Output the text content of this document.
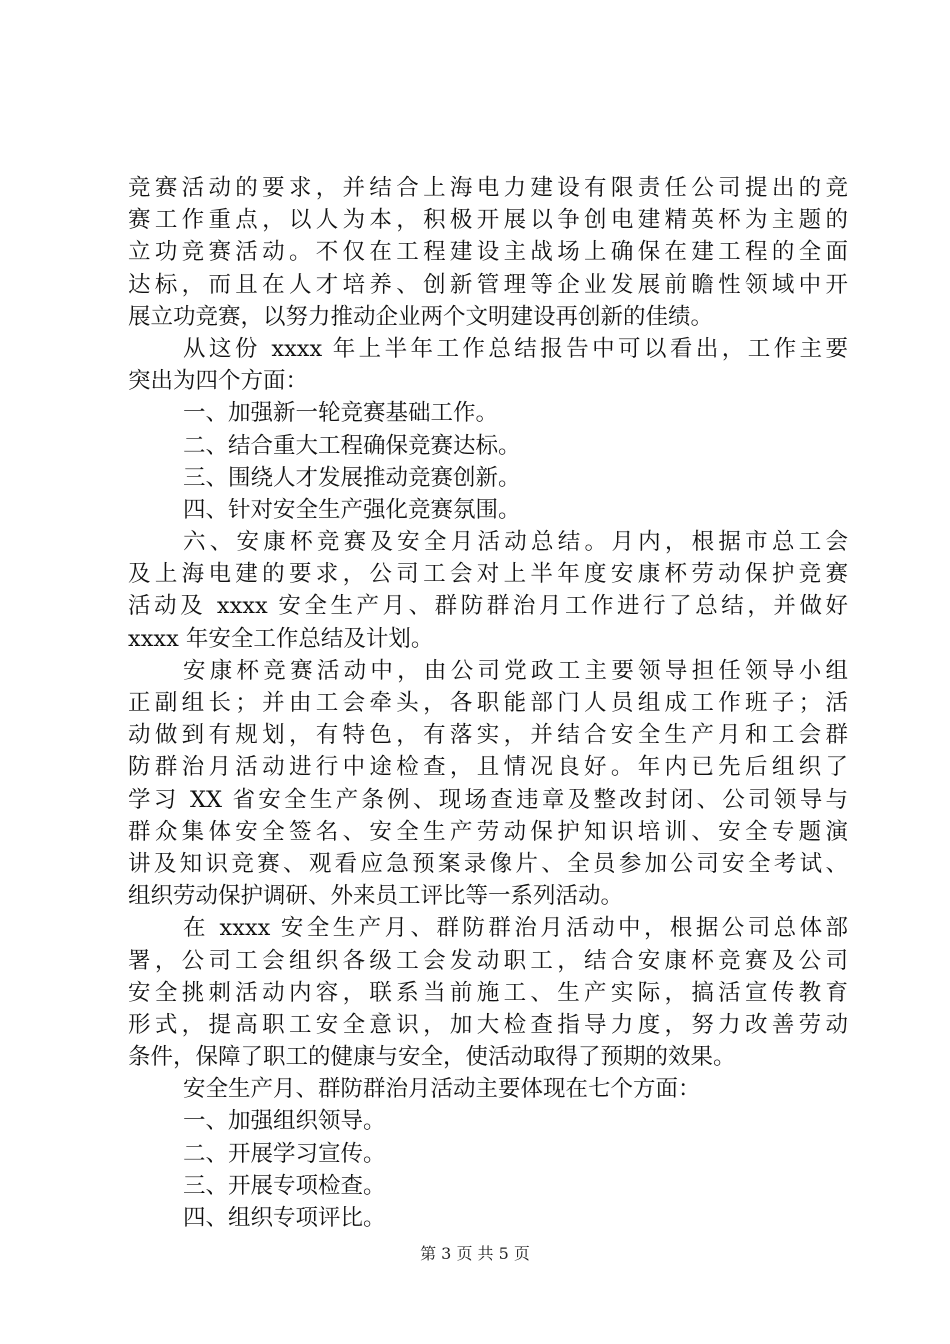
竞赛活动的要求，并结合上海电力建设有限责任公司提出的竞
赛工作重点，以人为本，积极开展以争创电建精英杯为主题的
立功竞赛活动。不仅在工程建设主战场上确保在建工程的全面
达标，而且在人才培养、创新管理等企业发展前瞻性领域中开
展立功竞赛，以努力推动企业两个文明建设再创新的佳绩。
从这份 xxxx 年上半年工作总结报告中可以看出，工作主要
突出为四个方面：
一、加强新一轮竞赛基础工作。
二、结合重大工程确保竞赛达标。
三、围绕人才发展推动竞赛创新。
四、针对安全生产强化竞赛氛围。
六、安康杯竞赛及安全月活动总结。月内，根据市总工会
及上海电建的要求，公司工会对上半年度安康杯劳动保护竞赛
活动及 xxxx 安全生产月、群防群治月工作进行了总结，并做好
xxxx 年安全工作总结及计划。
安康杯竞赛活动中，由公司党政工主要领导担任领导小组
正副组长；并由工会牵头，各职能部门人员组成工作班子；活
动做到有规划，有特色，有落实，并结合安全生产月和工会群
防群治月活动进行中途检查，且情况良好。年内已先后组织了
学习 XX 省安全生产条例、现场查违章及整改封闭、公司领导与
群众集体安全签名、安全生产劳动保护知识培训、安全专题演
讲及知识竞赛、观看应急预案录像片、全员参加公司安全考试、
组织劳动保护调研、外来员工评比等一系列活动。
在 xxxx 安全生产月、群防群治月活动中，根据公司总体部
署，公司工会组织各级工会发动职工，结合安康杯竞赛及公司
安全挑刺活动内容，联系当前施工、生产实际，搞活宣传教育
形式，提高职工安全意识，加大检查指导力度，努力改善劳动
条件，保障了职工的健康与安全，使活动取得了预期的效果。
安全生产月、群防群治月活动主要体现在七个方面：
一、加强组织领导。
二、开展学习宣传。
三、开展专项检查。
四、组织专项评比。
第 3 页 共 5 页
